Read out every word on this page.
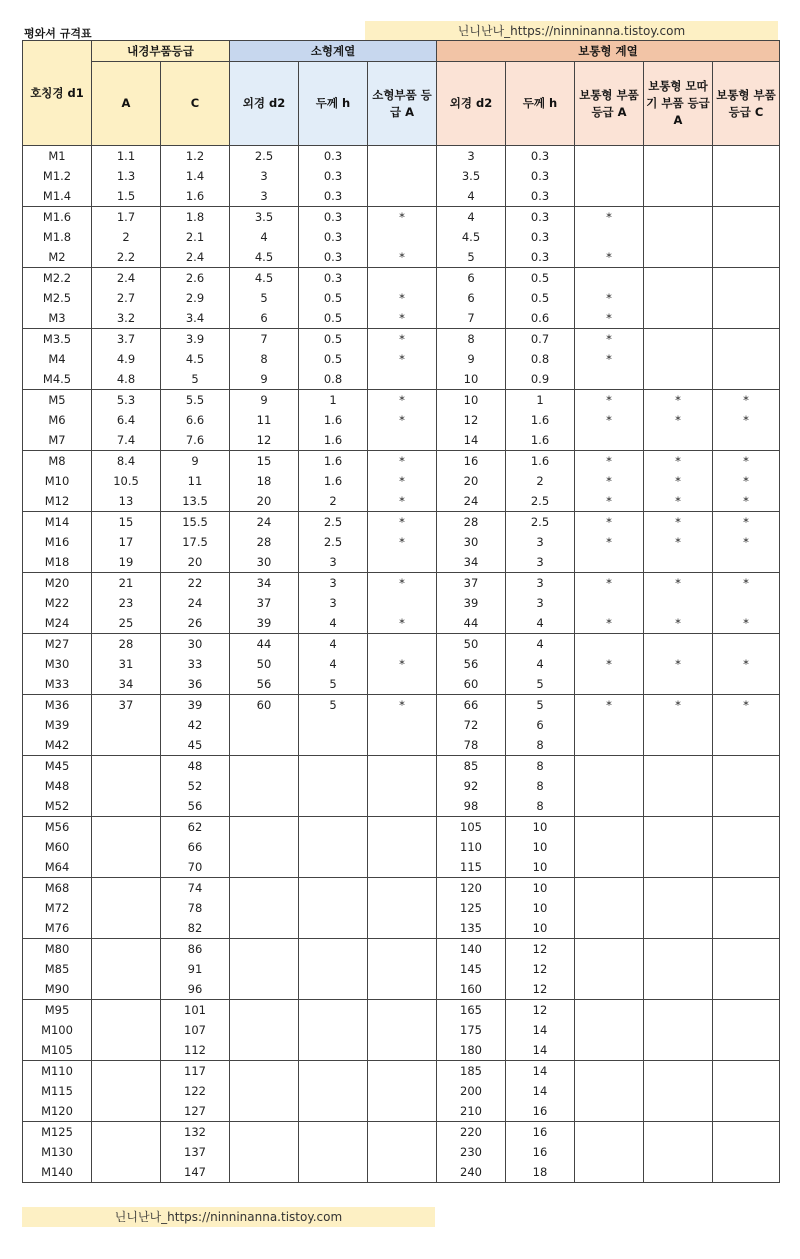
평와셔 규격표	닌니난나_https://ninninanna.tistoy.com
호칭경 d1	내경부품등급		소형계열			보통형 계열				
	A	C	외경 d2	두께 h	소형부품 등급 A	외경 d2	두께 h	보통형 부품 등급 A	보통형 모따기 부품 등급 A	보통형 부품 등급 C
M1	1.1	1.2	2.5	0.3		3	0.3			
M1.2	1.3	1.4	3	0.3		3.5	0.3			
M1.4	1.5	1.6	3	0.3		4	0.3			
M1.6	1.7	1.8	3.5	0.3	*	4	0.3	*		
M1.8	2	2.1	4	0.3		4.5	0.3			
M2	2.2	2.4	4.5	0.3	*	5	0.3	*		
M2.2	2.4	2.6	4.5	0.3		6	0.5			
M2.5	2.7	2.9	5	0.5	*	6	0.5	*		
M3	3.2	3.4	6	0.5	*	7	0.6	*		
M3.5	3.7	3.9	7	0.5	*	8	0.7	*		
M4	4.9	4.5	8	0.5	*	9	0.8	*		
M4.5	4.8	5	9	0.8		10	0.9			
M5	5.3	5.5	9	1	*	10	1	*	*	*
M6	6.4	6.6	11	1.6	*	12	1.6	*	*	*
M7	7.4	7.6	12	1.6		14	1.6			
M8	8.4	9	15	1.6	*	16	1.6	*	*	*
M10	10.5	11	18	1.6	*	20	2	*	*	*
M12	13	13.5	20	2	*	24	2.5	*	*	*
M14	15	15.5	24	2.5	*	28	2.5	*	*	*
M16	17	17.5	28	2.5	*	30	3	*	*	*
M18	19	20	30	3		34	3			
M20	21	22	34	3	*	37	3	*	*	*
M22	23	24	37	3		39	3			
M24	25	26	39	4	*	44	4	*	*	*
M27	28	30	44	4		50	4			
M30	31	33	50	4	*	56	4	*	*	*
M33	34	36	56	5		60	5			
M36	37	39	60	5	*	66	5	*	*	*
M39		42				72	6			
M42		45				78	8			
M45		48				85	8			
M48		52				92	8			
M52		56				98	8			
M56		62				105	10			
M60		66				110	10			
M64		70				115	10			
M68		74				120	10			
M72		78				125	10			
M76		82				135	10			
M80		86				140	12			
M85		91				145	12			
M90		96				160	12			
M95		101				165	12			
M100		107				175	14			
M105		112				180	14			
M110		117				185	14			
M115		122				200	14			
M120		127				210	16			
M125		132				220	16			
M130		137				230	16			
M140		147				240	18			
닌니난나_https://ninninanna.tistoy.com
